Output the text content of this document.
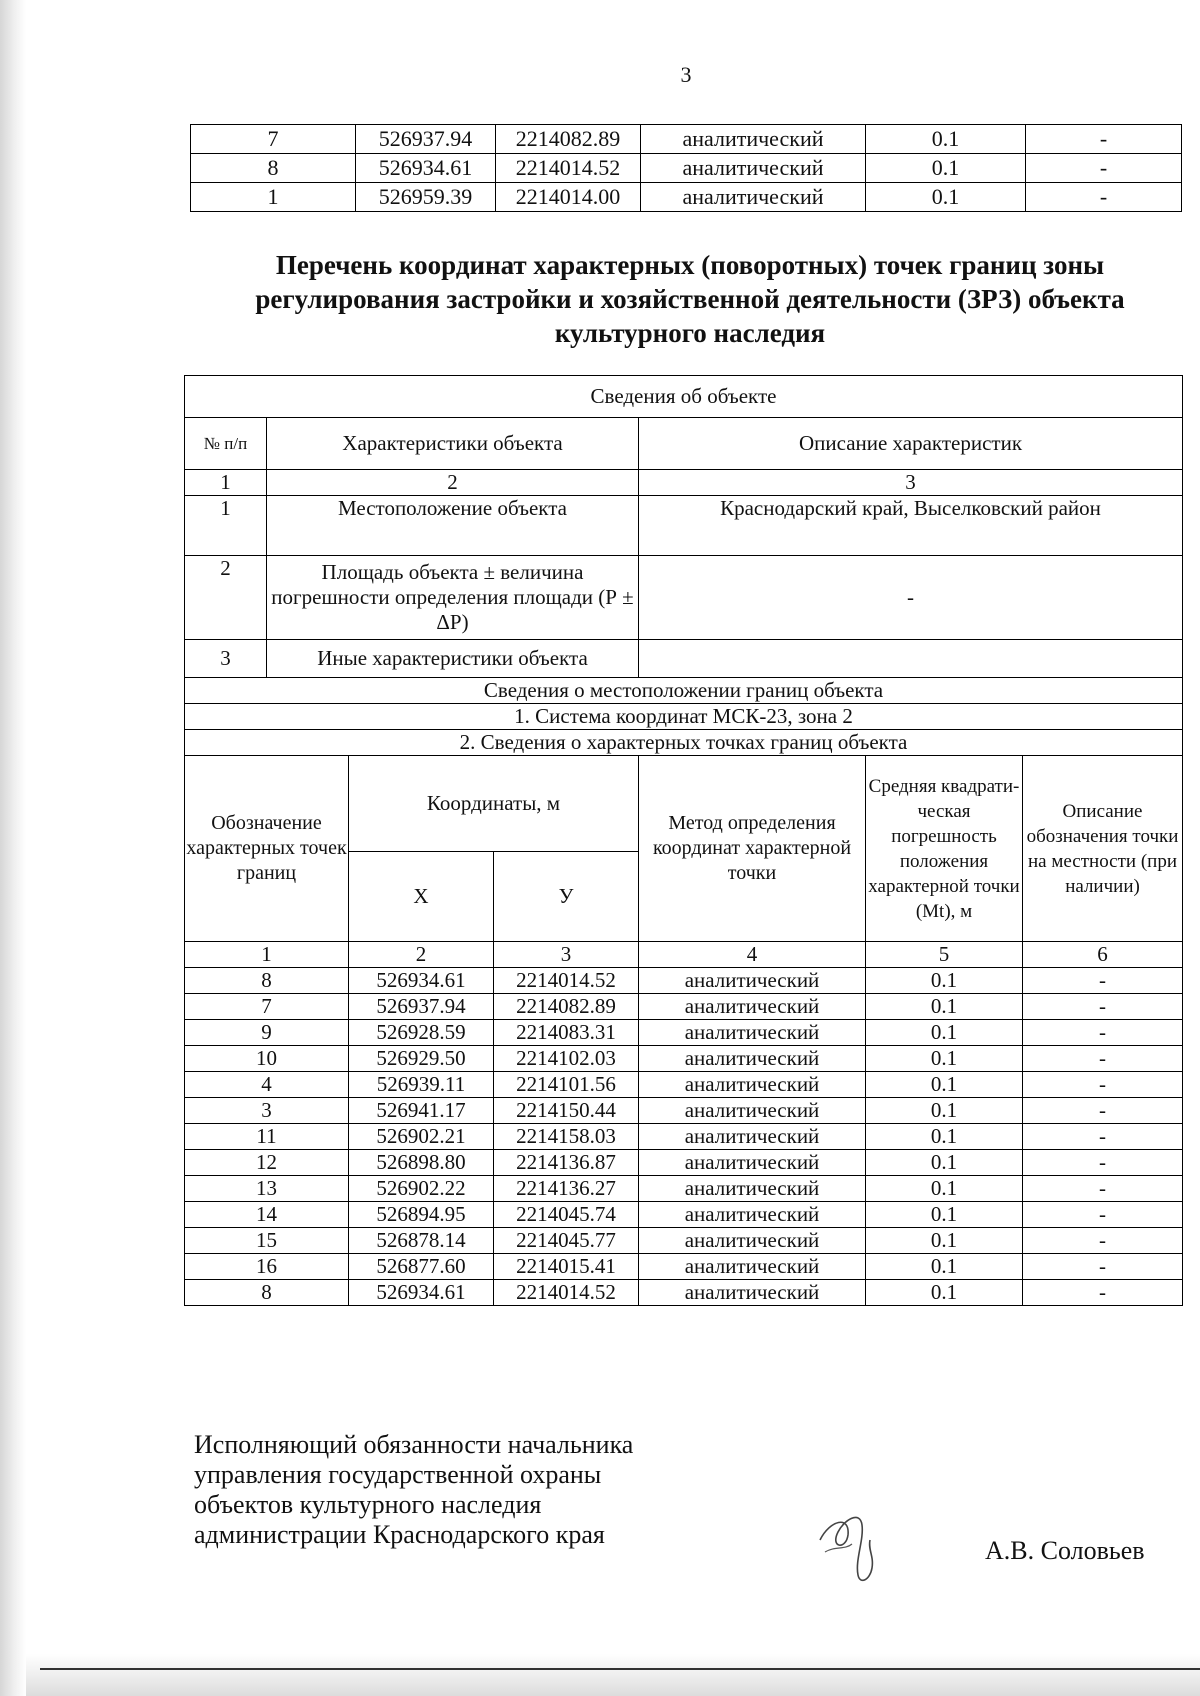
3
7	526937.94	2214082.89	аналитический	0.1	-
8	526934.61	2214014.52	аналитический	0.1	-
1	526959.39	2214014.00	аналитический	0.1	-
Перечень координат характерных (поворотных) точек границ зоны
регулирования застройки и хозяйственной деятельности (ЗРЗ) объекта
культурного наследия
Сведения об объекте						
№ п/п	Характеристики объекта			Описание характеристик		
1	2			3		
1	Местоположение объекта			Краснодарский край, Выселковский район		
2	Площадь объекта ± величина погрешности определения площади (Р ± ΔР)			-		
3	Иные характеристики объекта					
Сведения о местоположении границ объекта						
1. Система координат МСК-23, зона 2						
2. Сведения о характерных точках границ объекта						
Обозначение характерных точек границ		Координаты, м		Метод определения координат характерной точки	Средняя квадрати-ческая погрешность положения характерной точки (Мt), м	Описание обозначения точки на местности (при наличии)
		X	У			
1		2	3	4	5	6
8		526934.61	2214014.52	аналитический	0.1	-
7		526937.94	2214082.89	аналитический	0.1	-
9		526928.59	2214083.31	аналитический	0.1	-
10		526929.50	2214102.03	аналитический	0.1	-
4		526939.11	2214101.56	аналитический	0.1	-
3		526941.17	2214150.44	аналитический	0.1	-
11		526902.21	2214158.03	аналитический	0.1	-
12		526898.80	2214136.87	аналитический	0.1	-
13		526902.22	2214136.27	аналитический	0.1	-
14		526894.95	2214045.74	аналитический	0.1	-
15		526878.14	2214045.77	аналитический	0.1	-
16		526877.60	2214015.41	аналитический	0.1	-
8		526934.61	2214014.52	аналитический	0.1	-
Исполняющий обязанности начальника
управления государственной охраны
объектов культурного наследия
администрации Краснодарского края
А.В. Соловьев
